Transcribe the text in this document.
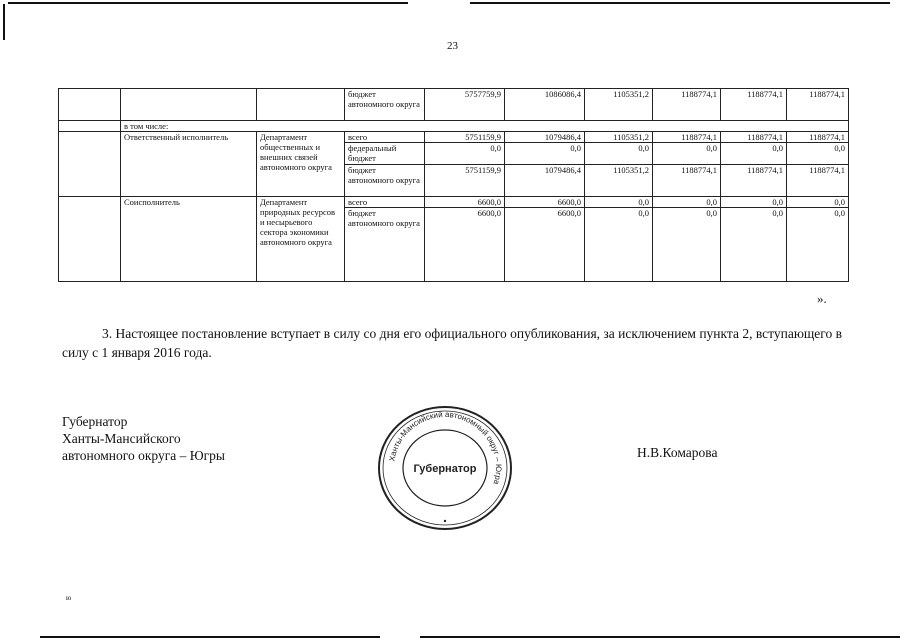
23
			бюджет автономного округа	5757759,9	1086086,4	1105351,2	1188774,1	1188774,1	1188774,1
	в том числе:								
	Ответственный исполнитель	Департамент общественных и внешних связей автономного округа	всего	5751159,9	1079486,4	1105351,2	1188774,1	1188774,1	1188774,1
			федеральный бюджет	0,0	0,0	0,0	0,0	0,0	0,0
			бюджет автономного округа	5751159,9	1079486,4	1105351,2	1188774,1	1188774,1	1188774,1
	Соисполнитель	Департамент природных ресурсов и несырьевого сектора экономики автономного округа	всего	6600,0	6600,0	0,0	0,0	0,0	0,0
			бюджет автономного округа	6600,0	6600,0	0,0	0,0	0,0	0,0
».
3. Настоящее постановление вступает в силу со дня его официального опубликования, за исключением пункта 2, вступающего в силу с 1 января 2016 года.
Губернатор
Ханты-Мансийского
автономного округа – Югры	Ханты-Мансийский автономный округ – Югра
Губернатор
Н.В.Комарова
ю
